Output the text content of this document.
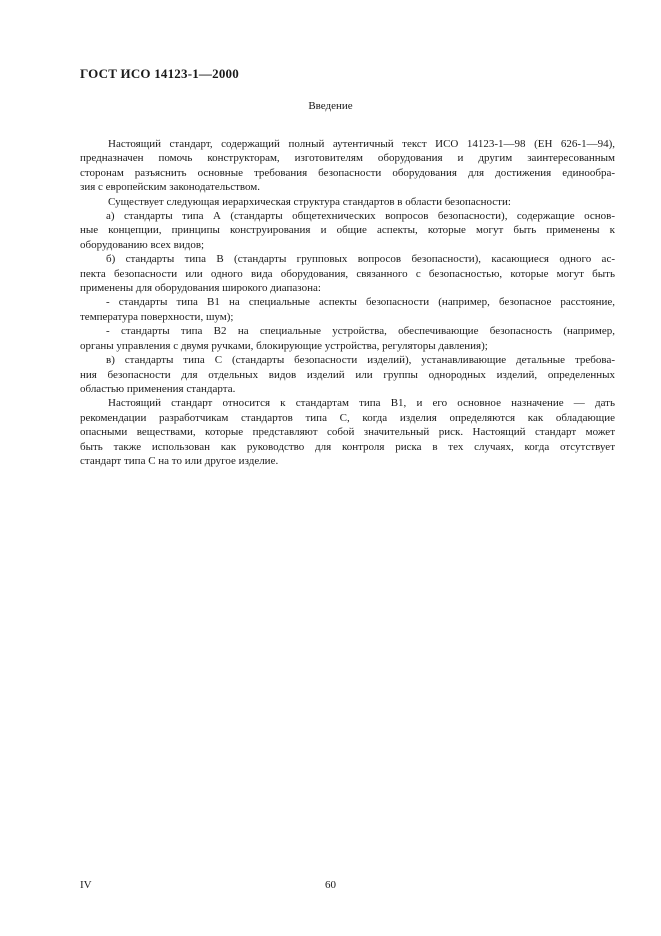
ГОСТ ИСО 14123-1—2000
Введение
Настоящий стандарт, содержащий полный аутентичный текст ИСО 14123-1—98 (ЕН 626-1—94),
предназначен помочь конструкторам, изготовителям оборудования и другим заинтересованным
сторонам разъяснить основные требования безопасности оборудования для достижения единообра-
зия с европейским законодательством.
Существует следующая иерархическая структура стандартов в области безопасности:
а) стандарты типа А (стандарты общетехнических вопросов безопасности), содержащие основ-
ные концепции, принципы конструирования и общие аспекты, которые могут быть применены к
оборудованию всех видов;
б) стандарты типа В (стандарты групповых вопросов безопасности), касающиеся одного ас-
пекта безопасности или одного вида оборудования, связанного с безопасностью, которые могут быть
применены для оборудования широкого диапазона:
- стандарты типа В1 на специальные аспекты безопасности (например, безопасное расстояние,
температура поверхности, шум);
- стандарты типа В2 на специальные устройства, обеспечивающие безопасность (например,
органы управления с двумя ручками, блокирующие устройства, регуляторы давления);
в) стандарты типа С (стандарты безопасности изделий), устанавливающие детальные требова-
ния безопасности для отдельных видов изделий или группы однородных изделий, определенных
областью применения стандарта.
Настоящий стандарт относится к стандартам типа В1, и его основное назначение — дать
рекомендации разработчикам стандартов типа С, когда изделия определяются как обладающие
опасными веществами, которые представляют собой значительный риск. Настоящий стандарт может
быть также использован как руководство для контроля риска в тех случаях, когда отсутствует
стандарт типа С на то или другое изделие.
IV	60
